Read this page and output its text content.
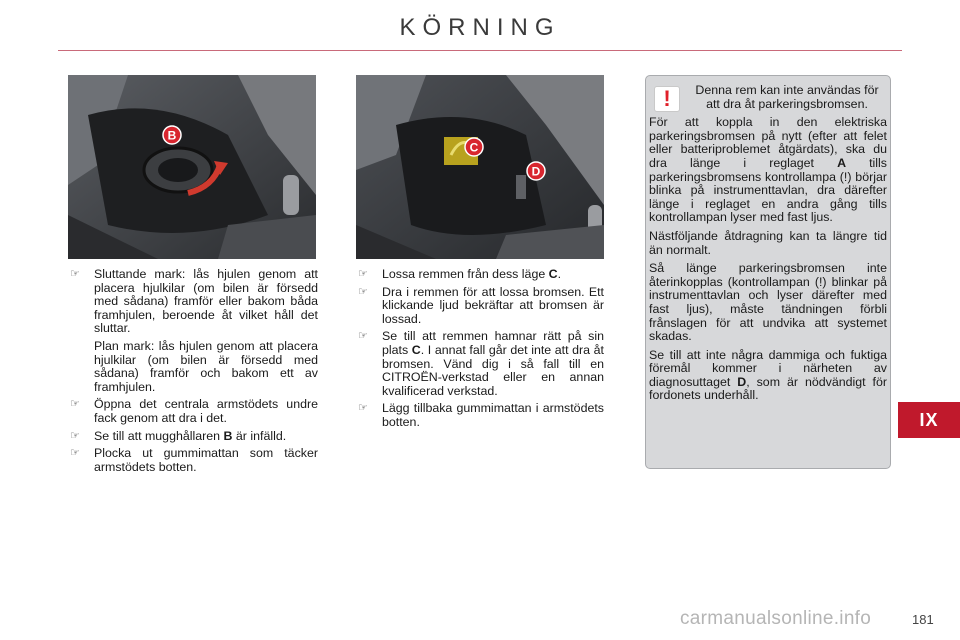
KÖRNING
B
C
D
☞ Sluttande mark: lås hjulen genom att placera hjulkilar (om bilen är försedd med sådana) framför eller bakom båda framhjulen, beroende åt vilket håll det sluttar.

Plan mark: lås hjulen genom att placera hjulkilar (om bilen är försedd med sådana) framför och bakom ett av framhjulen.

☞ Öppna det centrala armstödets undre fack genom att dra i det.

☞ Se till att mugghållaren B är infälld.

☞ Plocka ut gummimattan som täcker armstödets botten.

☞ Lossa remmen från dess läge C.

☞ Dra i remmen för att lossa bromsen. Ett klickande ljud bekräftar att bromsen är lossad.

☞ Se till att remmen hamnar rätt på sin plats C. I annat fall går det inte att dra åt bromsen. Vänd dig i så fall till en CITROËN-verkstad eller en annan kvalificerad verkstad.

☞ Lägg tillbaka gummimattan i armstödets botten.

!	Denna rem kan inte användas för att dra åt parkeringsbromsen.

För att koppla in den elektriska parkeringsbromsen på nytt (efter att felet eller batteriproblemet åtgärdats), ska du dra länge i reglaget A tills parkeringsbromsens kontrollampa (!) börjar blinka på instrumenttavlan, dra därefter länge i reglaget en andra gång tills kontrollampan lyser med fast ljus.

Nästföljande åtdragning kan ta längre tid än normalt.

Så länge parkeringsbromsen inte återinkopplas (kontrollampan (!) blinkar på instrumenttavlan och lyser därefter med fast ljus), måste tändningen förbli frånslagen för att undvika att systemet skadas.

Se till att inte några dammiga och fuktiga föremål kommer i närheten av diagnosuttaget D, som är nödvändigt för fordonets underhåll.

IX
carmanualsonline.info	181
